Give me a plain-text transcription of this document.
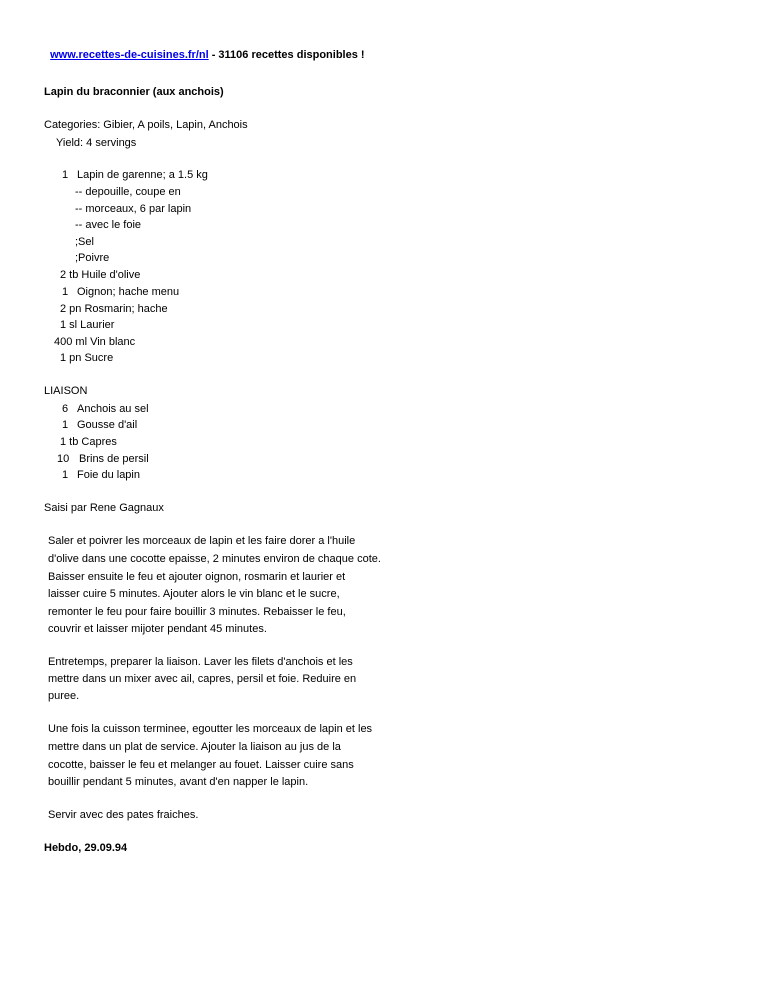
www.recettes-de-cuisines.fr/nl - 31106 recettes disponibles !

Lapin du braconnier (aux anchois)
Categories: Gibier, A poils, Lapin, Anchois
Yield: 4 servings
1 Lapin de garenne; a 1.5 kg
-- depouille, coupe en
-- morceaux, 6 par lapin
-- avec le foie
;Sel
;Poivre
2 tb Huile d'olive
1 Oignon; hache menu
2 pn Rosmarin; hache
1 sl Laurier
400 ml Vin blanc
1 pn Sucre
LIAISON
6 Anchois au sel
1 Gousse d'ail
1 tb Capres
10 Brins de persil
1 Foie du lapin
Saisi par Rene Gagnaux
Saler et poivrer les morceaux de lapin et les faire dorer a l'huile
d'olive dans une cocotte epaisse, 2 minutes environ de chaque cote.
Baisser ensuite le feu et ajouter oignon, rosmarin et laurier et
laisser cuire 5 minutes. Ajouter alors le vin blanc et le sucre,
remonter le feu pour faire bouillir 3 minutes. Rebaisser le feu,
couvrir et laisser mijoter pendant 45 minutes.
Entretemps, preparer la liaison. Laver les filets d'anchois et les
mettre dans un mixer avec ail, capres, persil et foie. Reduire en
puree.
Une fois la cuisson terminee, egoutter les morceaux de lapin et les
mettre dans un plat de service. Ajouter la liaison au jus de la
cocotte, baisser le feu et melanger au fouet. Laisser cuire sans
bouillir pendant 5 minutes, avant d'en napper le lapin.
Servir avec des pates fraiches.
Hebdo, 29.09.94
